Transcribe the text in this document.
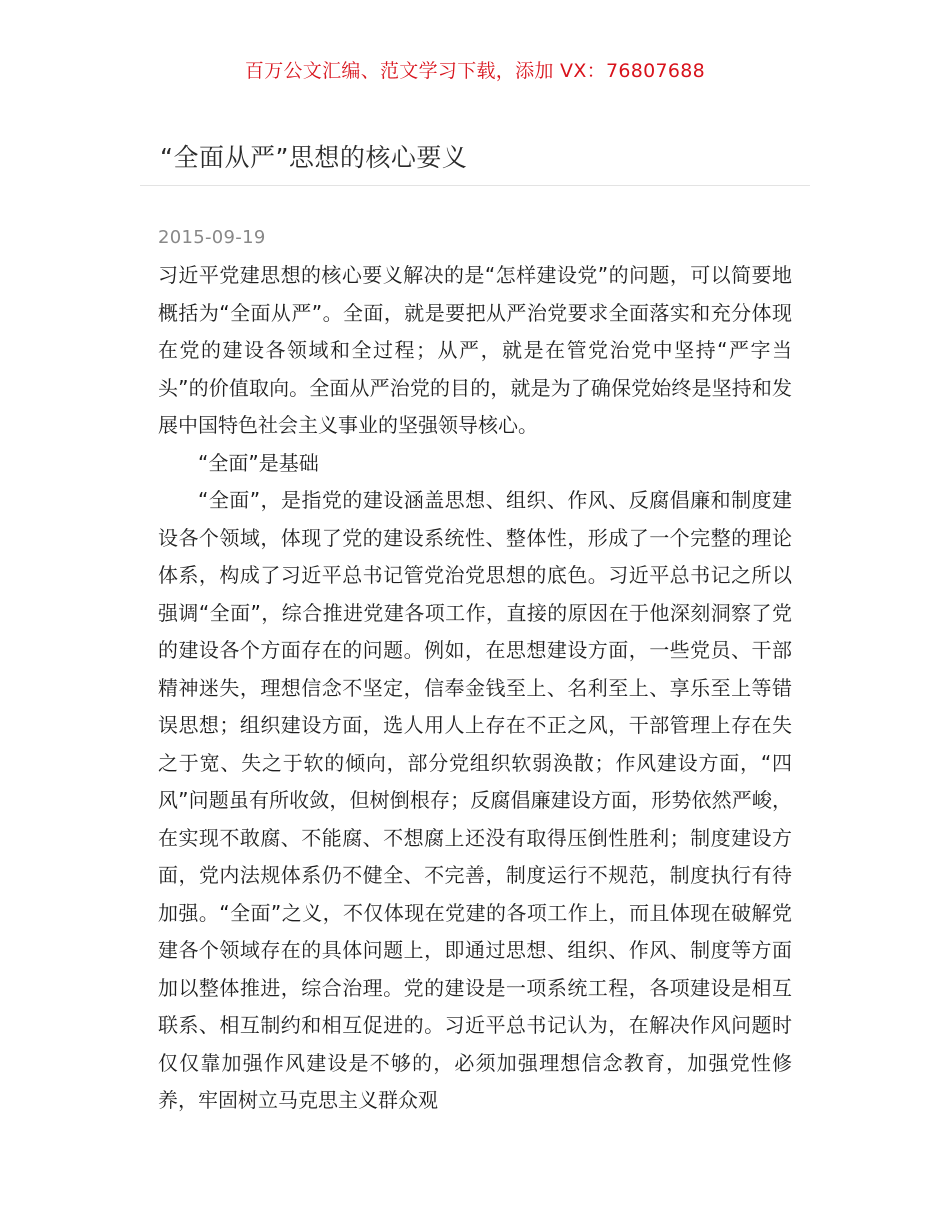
百万公文汇编、范文学习下载，添加 VX：76807688
“全面从严”思想的核心要义
2015-09-19

习近平党建思想的核心要义解决的是“怎样建设党”的问题，可以简要地概括为“全面从严”。全面，就是要把从严治党要求全面落实和充分体现在党的建设各领域和全过程；从严，就是在管党治党中坚持“严字当头”的价值取向。全面从严治党的目的，就是为了确保党始终是坚持和发展中国特色社会主义事业的坚强领导核心。

“全面”是基础

“全面”，是指党的建设涵盖思想、组织、作风、反腐倡廉和制度建设各个领域，体现了党的建设系统性、整体性，形成了一个完整的理论体系，构成了习近平总书记管党治党思想的底色。习近平总书记之所以强调“全面”，综合推进党建各项工作，直接的原因在于他深刻洞察了党的建设各个方面存在的问题。例如，在思想建设方面，一些党员、干部精神迷失，理想信念不坚定，信奉金钱至上、名利至上、享乐至上等错误思想；组织建设方面，选人用人上存在不正之风，干部管理上存在失之于宽、失之于软的倾向，部分党组织软弱涣散；作风建设方面，“四风”问题虽有所收敛，但树倒根存；反腐倡廉建设方面，形势依然严峻，在实现不敢腐、不能腐、不想腐上还没有取得压倒性胜利；制度建设方面，党内法规体系仍不健全、不完善，制度运行不规范，制度执行有待加强。“全面”之义，不仅体现在党建的各项工作上，而且体现在破解党建各个领域存在的具体问题上，即通过思想、组织、作风、制度等方面加以整体推进，综合治理。党的建设是一项系统工程，各项建设是相互联系、相互制约和相互促进的。习近平总书记认为，在解决作风问题时仅仅靠加强作风建设是不够的，必须加强理想信念教育，加强党性修养，牢固树立马克思主义群众观
